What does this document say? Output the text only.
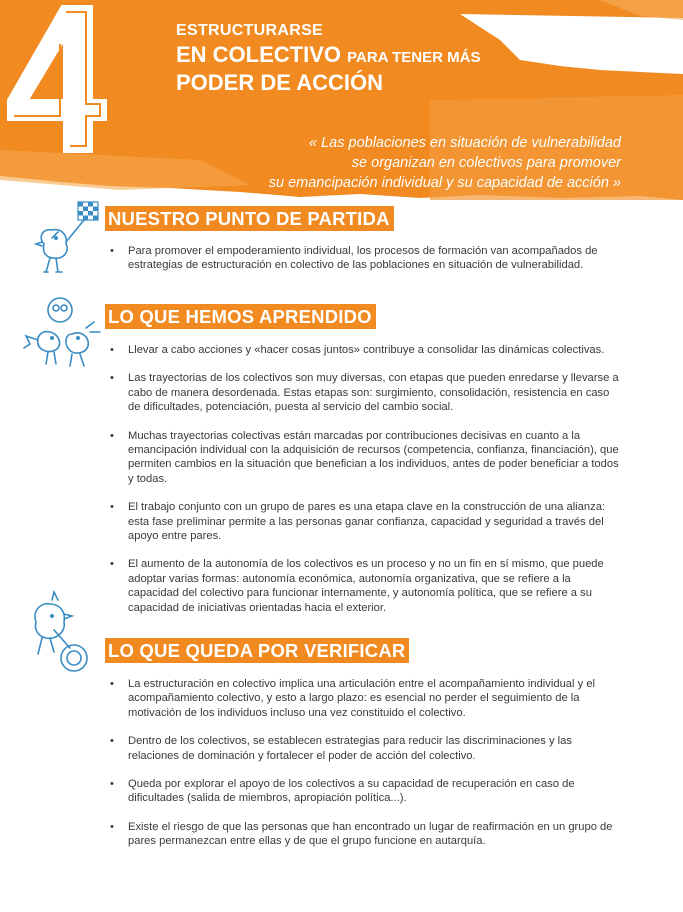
ESTRUCTURARSE
EN COLECTIVO PARA TENER MÁS
PODER DE ACCIÓN
« Las poblaciones en situación de vulnerabilidad
se organizan en colectivos para promover
su emancipación individual y su capacidad de acción »
NUESTRO PUNTO DE PARTIDA
• Para promover el empoderamiento individual, los procesos de formación van acompañados de estrategias de estructuración en colectivo de las poblaciones en situación de vulnerabilidad.
LO QUE HEMOS APRENDIDO
• Llevar a cabo acciones y «hacer cosas juntos» contribuye a consolidar las dinámicas colectivas.
• Las trayectorias de los colectivos son muy diversas, con etapas que pueden enredarse y llevarse a cabo de manera desordenada. Estas etapas son: surgimiento, consolidación, resistencia en caso de dificultades, potenciación, puesta al servicio del cambio social.
• Muchas trayectorias colectivas están marcadas por contribuciones decisivas en cuanto a la emancipación individual con la adquisición de recursos (competencia, confianza, financiación), que permiten cambios en la situación que benefician a los individuos, antes de poder beneficiar a todos y todas.
• El trabajo conjunto con un grupo de pares es una etapa clave en la construcción de una alianza: esta fase preliminar permite a las personas ganar confianza, capacidad y seguridad a través del apoyo entre pares.
• El aumento de la autonomía de los colectivos es un proceso y no un fin en sí mismo, que puede adoptar varias formas: autonomía económica, autonomía organizativa, que se refiere a la capacidad del colectivo para funcionar internamente, y autonomía política, que se refiere a su capacidad de iniciativas orientadas hacia el exterior.
LO QUE QUEDA POR VERIFICAR
• La estructuración en colectivo implica una articulación entre el acompañamiento individual y el acompañamiento colectivo, y esto a largo plazo: es esencial no perder el seguimiento de la motivación de los individuos incluso una vez constituido el colectivo.
• Dentro de los colectivos, se establecen estrategias para reducir las discriminaciones y las relaciones de dominación y fortalecer el poder de acción del colectivo.
• Queda por explorar el apoyo de los colectivos a su capacidad de recuperación en caso de dificultades (salida de miembros, apropiación política...).
• Existe el riesgo de que las personas que han encontrado un lugar de reafirmación en un grupo de pares permanezcan entre ellas y de que el grupo funcione en autarquía.
